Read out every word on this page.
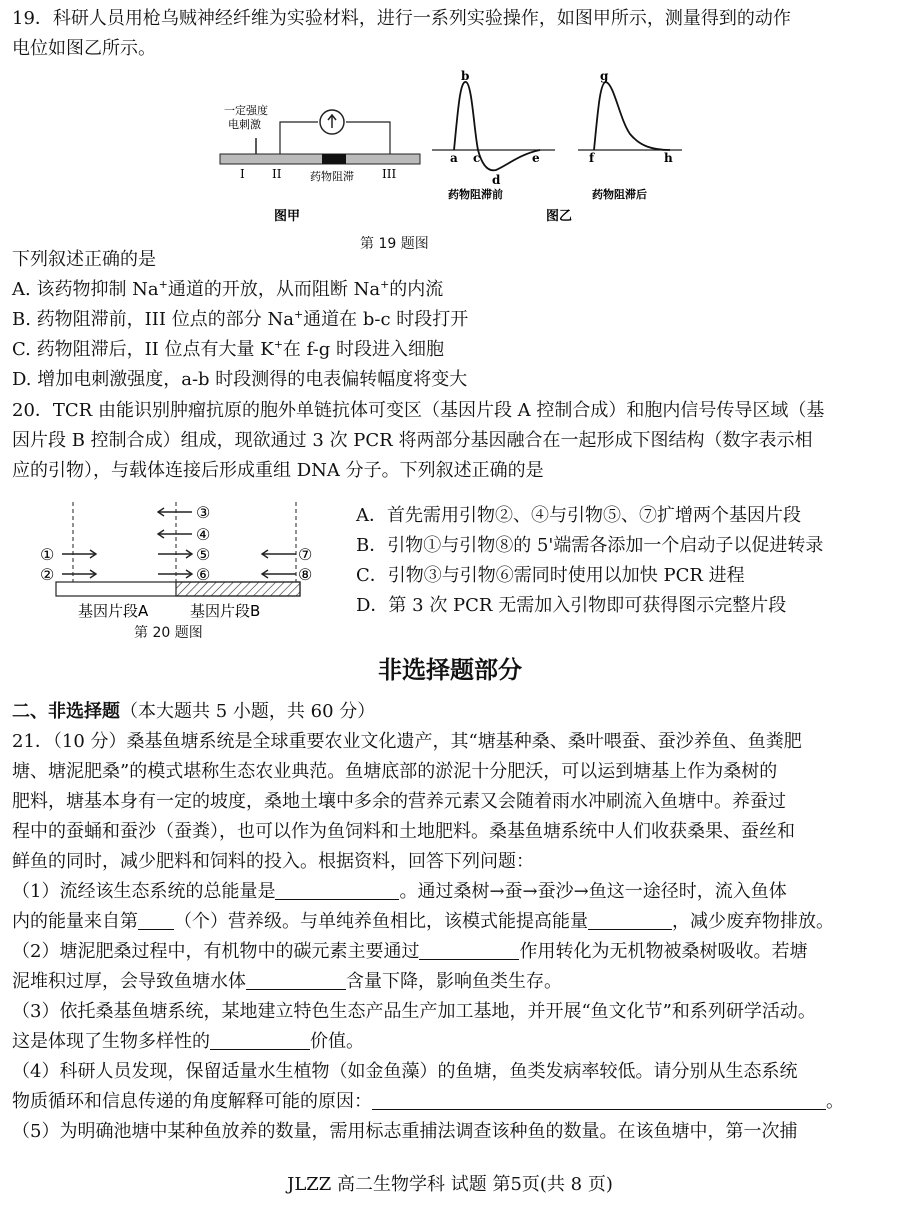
19．科研人员用枪乌贼神经纤维为实验材料，进行一系列实验操作，如图甲所示，测量得到的动作
电位如图乙所示。
一定强度
电刺激
I II	III
药物阻滞
图甲
a
b
c
d
e
药物阻滞前
图乙
f
g
h
药物阻滞后
第 19 题图
下列叙述正确的是
A. 该药物抑制 Na+通道的开放，从而阻断 Na+的内流
B. 药物阻滞前，III 位点的部分 Na+通道在 b-c 时段打开
C. 药物阻滞后，II 位点有大量 K+在 f-g 时段进入细胞
D. 增加电刺激强度，a-b 时段测得的电表偏转幅度将变大
20．TCR 由能识别肿瘤抗原的胞外单链抗体可变区（基因片段 A 控制合成）和胞内信号传导区域（基
因片段 B 控制合成）组成，现欲通过 3 次 PCR 将两部分基因融合在一起形成下图结构（数字表示相
应的引物），与载体连接后形成重组 DNA 分子。下列叙述正确的是
①
②
③
④
⑤
⑥
⑦
⑧
基因片段A	基因片段B
第 20 题图
A．首先需用引物②、④与引物⑤、⑦扩增两个基因片段
B．引物①与引物⑧的 5'端需各添加一个启动子以促进转录
C．引物③与引物⑥需同时使用以加快 PCR 进程
D．第 3 次 PCR 无需加入引物即可获得图示完整片段
非选择题部分
二、非选择题（本大题共 5 小题，共 60 分）
21．（10 分）桑基鱼塘系统是全球重要农业文化遗产，其“塘基种桑、桑叶喂蚕、蚕沙养鱼、鱼粪肥
塘、塘泥肥桑”的模式堪称生态农业典范。鱼塘底部的淤泥十分肥沃，可以运到塘基上作为桑树的
肥料，塘基本身有一定的坡度，桑地土壤中多余的营养元素又会随着雨水冲刷流入鱼塘中。养蚕过
程中的蚕蛹和蚕沙（蚕粪），也可以作为鱼饲料和土地肥料。桑基鱼塘系统中人们收获桑果、蚕丝和
鲜鱼的同时，减少肥料和饲料的投入。根据资料，回答下列问题：
（1）流经该生态系统的总能量是	。通过桑树→蚕→蚕沙→鱼这一途径时，流入鱼体
内的能量来自第 （个）营养级。与单纯养鱼相比，该模式能提高能量	，减少废弃物排放。
（2）塘泥肥桑过程中，有机物中的碳元素主要通过	作用转化为无机物被桑树吸收。若塘
泥堆积过厚，会导致鱼塘水体	含量下降，影响鱼类生存。
（3）依托桑基鱼塘系统，某地建立特色生态产品生产加工基地，并开展“鱼文化节”和系列研学活动。
这是体现了生物多样性的	价值。
（4）科研人员发现，保留适量水生植物（如金鱼藻）的鱼塘，鱼类发病率较低。请分别从生态系统
物质循环和信息传递的角度解释可能的原因：	。
（5）为明确池塘中某种鱼放养的数量，需用标志重捕法调查该种鱼的数量。在该鱼塘中，第一次捕
JLZZ 高二生物学科 试题 第5页(共 8 页)
